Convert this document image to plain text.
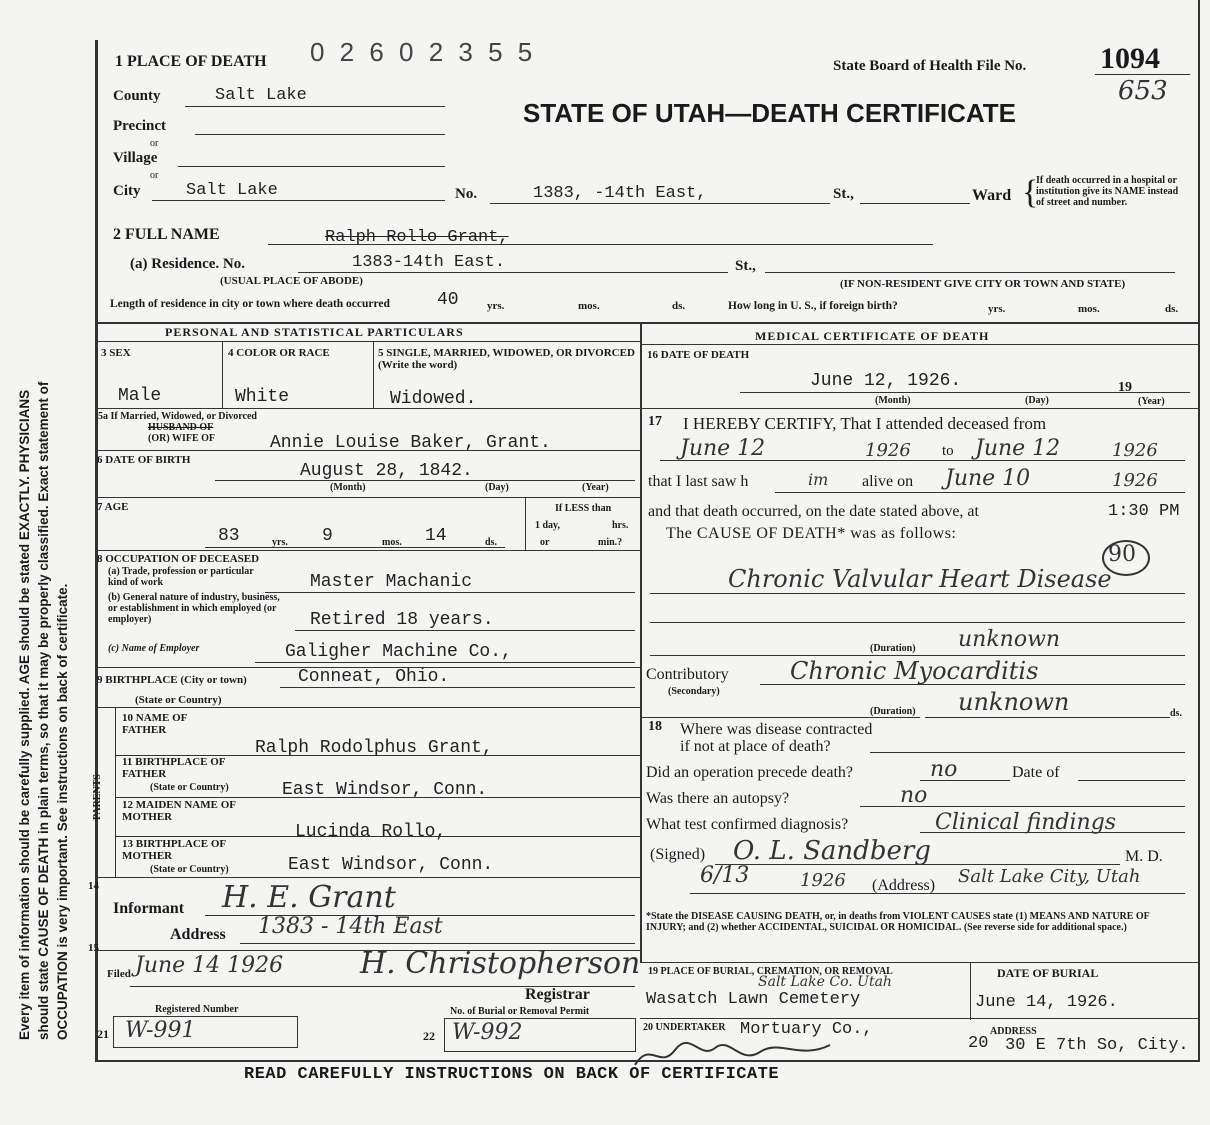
Every item of information should be carefully supplied. AGE should be stated EXACTLY. PHYSICIANS should state CAUSE OF DEATH in plain terms, so that it may be properly classified. Exact statement of OCCUPATION is very important. See instructions on back of certificate.
1 PLACE OF DEATH 0 2 6 0 2 3 5 5	State Board of Health File No. 1094
653
STATE OF UTAH—DEATH CERTIFICATE
County	Salt Lake
Precinct
or
Village
or
City	Salt Lake	No.	1383, -14th East,	St.,	Ward {
If death occurred in a hospital or institution give its NAME instead of street and number.
2 FULL NAME	Ralph Rollo Grant,
(a) Residence. No.	1383-14th East.	St.,
(USUAL PLACE OF ABODE)	(IF NON-RESIDENT GIVE CITY OR TOWN AND STATE)
Length of residence in city or town where death occurred	40	yrs.	mos.	ds.	How long in U. S., if foreign birth?	yrs.	mos.	ds.
PERSONAL AND STATISTICAL PARTICULARS
3 SEX	4 COLOR OR RACE	5 SINGLE, MARRIED, WIDOWED, OR DIVORCED (Write the word)
Male	White	Widowed.
5a If Married, Widowed, or Divorced
HUSBAND OF
(OR) WIFE OF	Annie Louise Baker, Grant.
6 DATE OF BIRTH
August 28, 1842.
(Month)	(Day)	(Year)
7 AGE
83	yrs. 9	mos. 14	ds.
If LESS than
1 day,	hrs.
or	min.?
8 OCCUPATION OF DECEASED
(a) Trade, profession or particular kind of work	Master Machanic
(b) General nature of industry, business, or establishment in which employed (or employer)	Retired 18 years.
(c) Name of Employer	Galigher Machine Co.,
9 BIRTHPLACE (City or town)	Conneat, Ohio.
(State or Country)
PARENTS
10 NAME OF FATHER
Ralph Rodolphus Grant,
11 BIRTHPLACE OF FATHER
(State or Country)	East Windsor, Conn.
12 MAIDEN NAME OF MOTHER
Lucinda Rollo,
13 BIRTHPLACE OF MOTHER
(State or Country)	East Windsor, Conn.
14
Informant H. E. Grant
Address 1383 - 14th East
15
Filed June 14 1926	H. Christopherson
Registrar
Registered Number
21 W-991
No. of Burial or Removal Permit
22 W-992
MEDICAL CERTIFICATE OF DEATH
16 DATE OF DEATH
June 12, 1926.	19
(Month)	(Day)	(Year)
17 I HEREBY CERTIFY, That I attended deceased from
June 12	1926 to June 12	1926
that I last saw h	im alive on June 10	1926
and that death occurred, on the date stated above, at	1:30 PM
The CAUSE OF DEATH* was as follows:
90
Chronic Valvular Heart Disease
(Duration) unknown
Contributory
(Secondary)
Chronic Myocarditis
(Duration) unknown	ds.
18 Where was disease contracted
if not at place of death?
Did an operation precede death?	no	Date of
Was there an autopsy?	no
What test confirmed diagnosis?	Clinical findings
(Signed) O. L. Sandberg	M. D.
6/13	1926 (Address) Salt Lake City, Utah
*State the DISEASE CAUSING DEATH, or, in deaths from VIOLENT CAUSES state (1) MEANS AND NATURE OF INJURY; and (2) whether ACCIDENTAL, SUICIDAL OR HOMICIDAL. (See reverse side for additional space.)
19 PLACE OF BURIAL, CREMATION, OR REMOVAL
Salt Lake Co. Utah
Wasatch Lawn Cemetery
DATE OF BURIAL
June 14, 1926.
20 UNDERTAKER Mortuary Co.,
20
ADDRESS
30 E 7th So, City.
READ CAREFULLY INSTRUCTIONS ON BACK OF CERTIFICATE
